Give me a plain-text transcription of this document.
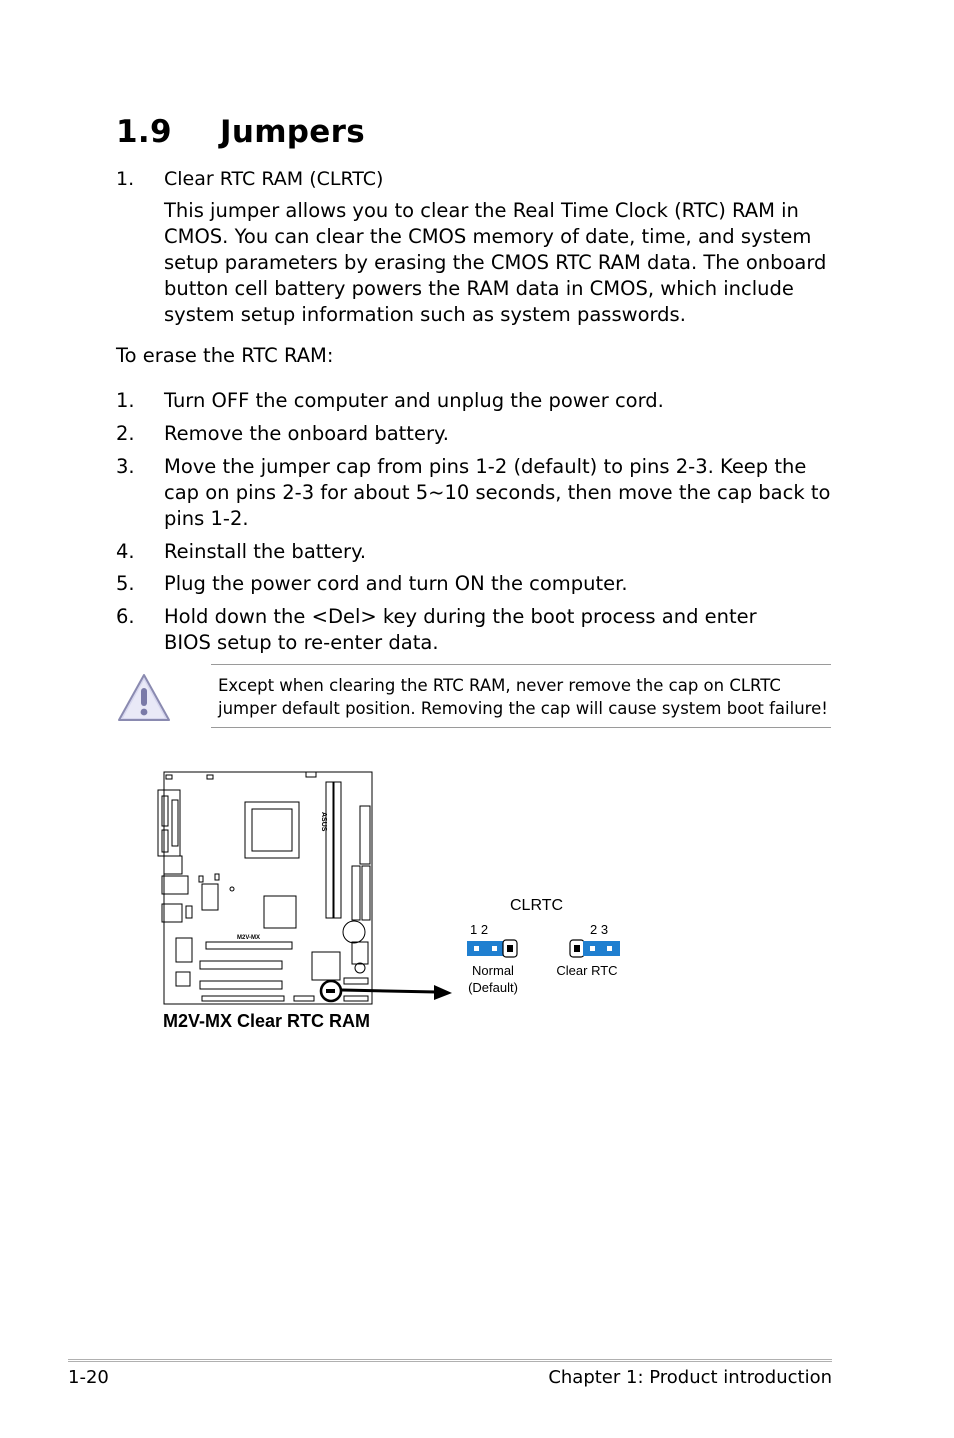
1.9 Jumpers
1. Clear RTC RAM (CLRTC)
This jumper allows you to clear the Real Time Clock (RTC) RAM in CMOS. You can clear the CMOS memory of date, time, and system setup parameters by erasing the CMOS RTC RAM data. The onboard button cell battery powers the RAM data in CMOS, which include system setup information such as system passwords.
To erase the RTC RAM:
1. Turn OFF the computer and unplug the power cord.
2. Remove the onboard battery.
3. Move the jumper cap from pins 1-2 (default) to pins 2-3. Keep the cap on pins 2-3 for about 5~10 seconds, then move the cap back to pins 1-2.
4. Reinstall the battery.
5. Plug the power cord and turn ON the computer.
6. Hold down the <Del> key during the boot process and enter BIOS setup to re-enter data.
Except when clearing the RTC RAM, never remove the cap on CLRTC jumper default position. Removing the cap will cause system boot failure!
M2V-MX
ASUS
CLRTC
1 2	2 3
Normal
(Default)
Clear RTC
M2V-MX Clear RTC RAM
1-20	Chapter 1: Product introduction
